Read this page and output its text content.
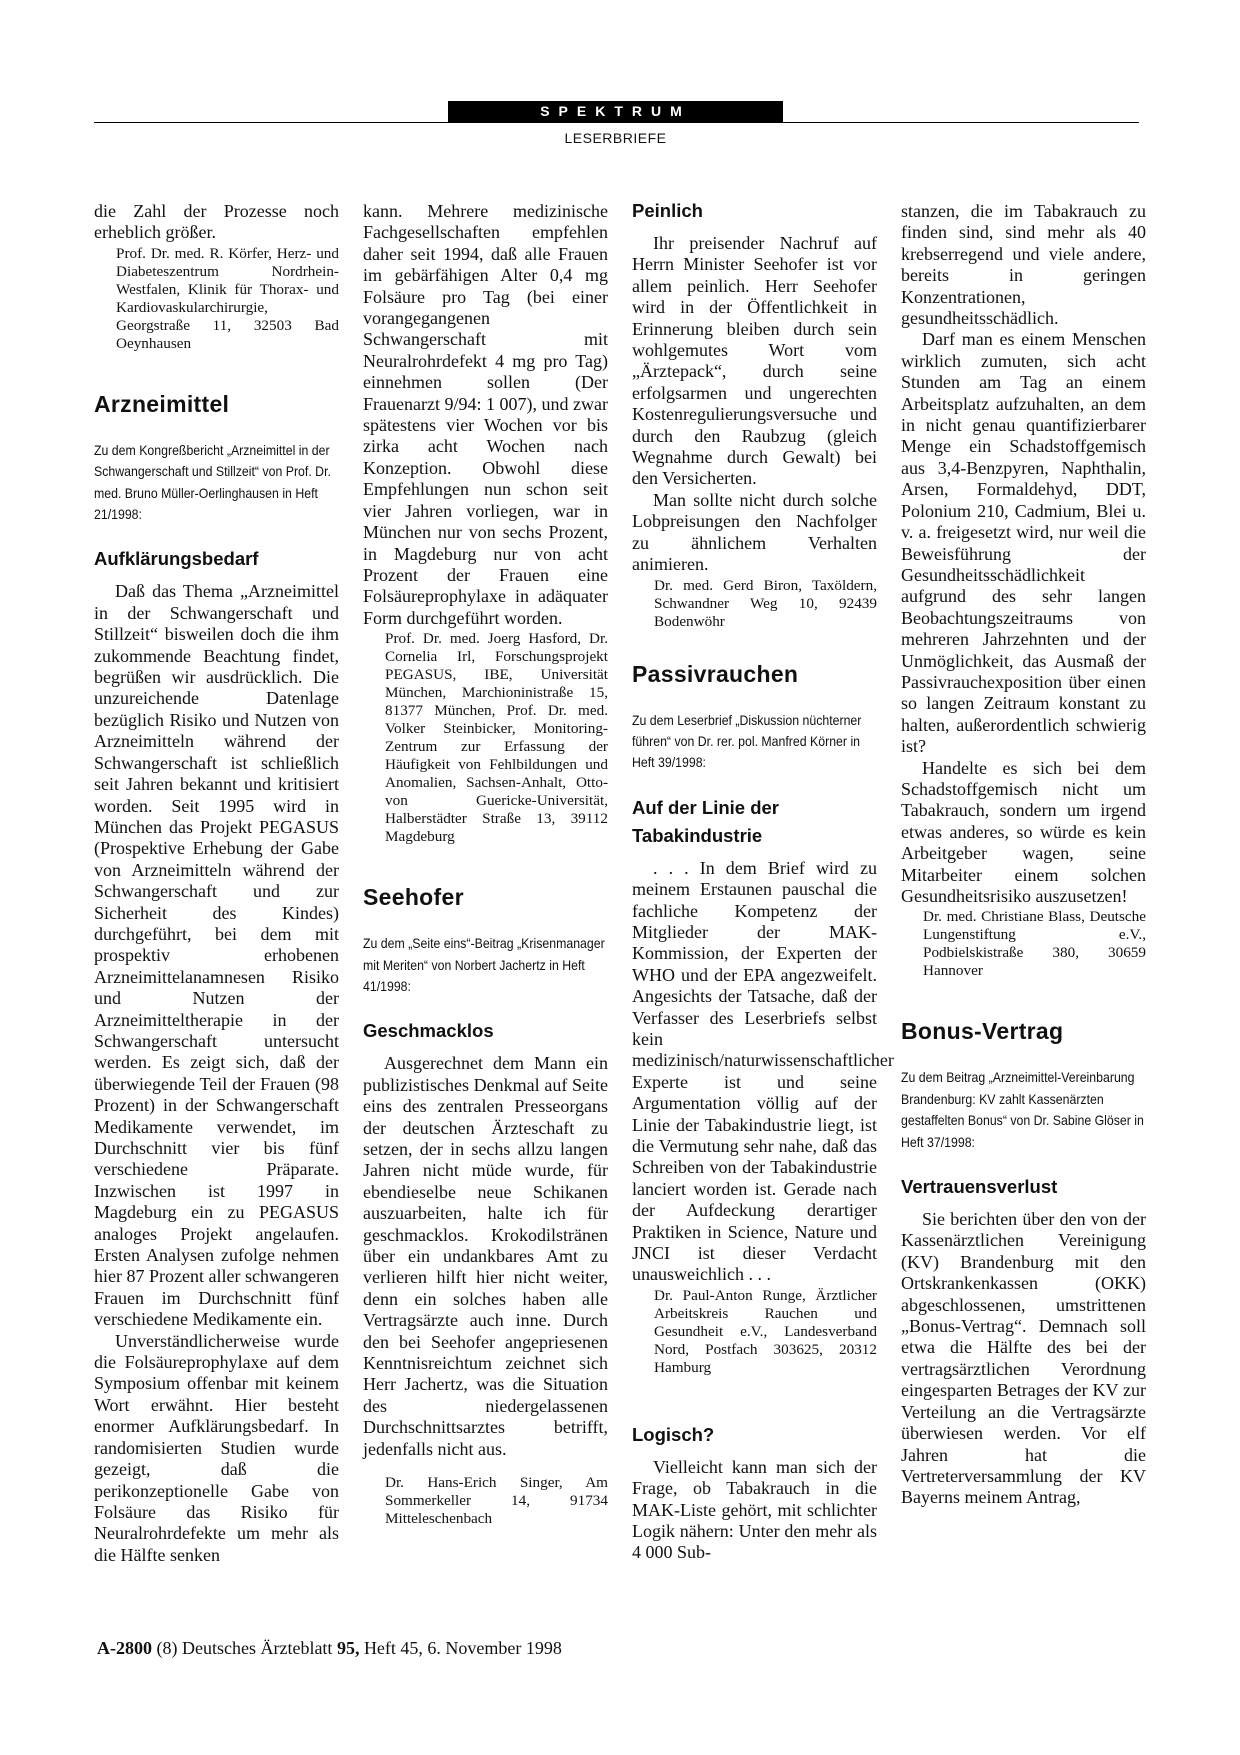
SPEKTRUM
LESERBRIEFE

die Zahl der Prozesse noch erheblich größer.

Prof. Dr. med. R. Körfer, Herz- und Diabeteszentrum Nordrhein-Westfalen, Klinik für Thorax- und Kardiovaskularchirurgie, Georgstraße 11, 32503 Bad Oeynhausen

Arzneimittel
Zu dem Kongreßbericht „Arzneimittel in der Schwangerschaft und Stillzeit“ von Prof. Dr. med. Bruno Müller-Oerlinghausen in Heft 21/1998:
Aufklärungsbedarf

Daß das Thema „Arzneimittel in der Schwangerschaft und Stillzeit“ bisweilen doch die ihm zukommende Beachtung findet, begrüßen wir ausdrücklich. Die unzureichende Datenlage bezüglich Risiko und Nutzen von Arzneimitteln während der Schwangerschaft ist schließlich seit Jahren bekannt und kritisiert worden. Seit 1995 wird in München das Projekt PEGASUS (Prospektive Erhebung der Gabe von Arzneimitteln während der Schwangerschaft und zur Sicherheit des Kindes) durchgeführt, bei dem mit prospektiv erhobenen Arzneimittelanamnesen Risiko und Nutzen der Arzneimitteltherapie in der Schwangerschaft untersucht werden. Es zeigt sich, daß der überwiegende Teil der Frauen (98 Prozent) in der Schwangerschaft Medikamente verwendet, im Durchschnitt vier bis fünf verschiedene Präparate. Inzwischen ist 1997 in Magdeburg ein zu PEGASUS analoges Projekt angelaufen. Ersten Analysen zufolge nehmen hier 87 Prozent aller schwangeren Frauen im Durchschnitt fünf verschiedene Medikamente ein.

Unverständlicherweise wurde die Folsäureprophylaxe auf dem Symposium offenbar mit keinem Wort erwähnt. Hier besteht enormer Aufklärungsbedarf. In randomisierten Studien wurde gezeigt, daß die perikonzeptionelle Gabe von Folsäure das Risiko für Neuralrohrdefekte um mehr als die Hälfte senken

kann. Mehrere medizinische Fachgesellschaften empfehlen daher seit 1994, daß alle Frauen im gebärfähigen Alter 0,4 mg Folsäure pro Tag (bei einer vorangegangenen Schwangerschaft mit Neuralrohrdefekt 4 mg pro Tag) einnehmen sollen (Der Frauenarzt 9/94: 1 007), und zwar spätestens vier Wochen vor bis zirka acht Wochen nach Konzeption. Obwohl diese Empfehlungen nun schon seit vier Jahren vorliegen, war in München nur von sechs Prozent, in Magdeburg nur von acht Prozent der Frauen eine Folsäureprophylaxe in adäquater Form durchgeführt worden.

Prof. Dr. med. Joerg Hasford, Dr. Cornelia Irl, Forschungsprojekt PEGASUS, IBE, Universität München, Marchioninistraße 15, 81377 München, Prof. Dr. med. Volker Steinbicker, Monitoring-Zentrum zur Erfassung der Häufigkeit von Fehlbildungen und Anomalien, Sachsen-Anhalt, Otto-von Guericke-Universität, Halberstädter Straße 13, 39112 Magdeburg

Seehofer
Zu dem „Seite eins“-Beitrag „Krisenmanager mit Meriten“ von Norbert Jachertz in Heft 41/1998:
Geschmacklos

Ausgerechnet dem Mann ein publizistisches Denkmal auf Seite eins des zentralen Presseorgans der deutschen Ärzteschaft zu setzen, der in sechs allzu langen Jahren nicht müde wurde, für ebendieselbe neue Schikanen auszuarbeiten, halte ich für geschmacklos. Krokodilstränen über ein undankbares Amt zu verlieren hilft hier nicht weiter, denn ein solches haben alle Vertragsärzte auch inne. Durch den bei Seehofer angepriesenen Kenntnisreichtum zeichnet sich Herr Jachertz, was die Situation des niedergelassenen Durchschnittsarztes betrifft, jedenfalls nicht aus.

Dr. Hans-Erich Singer, Am Sommerkeller 14, 91734 Mitteleschenbach

Peinlich

Ihr preisender Nachruf auf Herrn Minister Seehofer ist vor allem peinlich. Herr Seehofer wird in der Öffentlichkeit in Erinnerung bleiben durch sein wohlgemutes Wort vom „Ärztepack“, durch seine erfolgsarmen und ungerechten Kostenregulierungsversuche und durch den Raubzug (gleich Wegnahme durch Gewalt) bei den Versicherten.

Man sollte nicht durch solche Lobpreisungen den Nachfolger zu ähnlichem Verhalten animieren.

Dr. med. Gerd Biron, Taxöldern, Schwandner Weg 10, 92439 Bodenwöhr

Passivrauchen
Zu dem Leserbrief „Diskussion nüchterner führen“ von Dr. rer. pol. Manfred Körner in Heft 39/1998:
Auf der Linie der Tabakindustrie

. . . In dem Brief wird zu meinem Erstaunen pauschal die fachliche Kompetenz der Mitglieder der MAK-Kommission, der Experten der WHO und der EPA angezweifelt. Angesichts der Tatsache, daß der Verfasser des Leserbriefs selbst kein medizinisch/naturwissenschaftlicher Experte ist und seine Argumentation völlig auf der Linie der Tabakindustrie liegt, ist die Vermutung sehr nahe, daß das Schreiben von der Tabakindustrie lanciert worden ist. Gerade nach der Aufdeckung derartiger Praktiken in Science, Nature und JNCI ist dieser Verdacht unausweichlich . . .

Dr. Paul-Anton Runge, Ärztlicher Arbeitskreis Rauchen und Gesundheit e.V., Landesverband Nord, Postfach 303625, 20312 Hamburg

Logisch?

Vielleicht kann man sich der Frage, ob Tabakrauch in die MAK-Liste gehört, mit schlichter Logik nähern: Unter den mehr als 4 000 Sub-

stanzen, die im Tabakrauch zu finden sind, sind mehr als 40 krebserregend und viele andere, bereits in geringen Konzentrationen, gesundheitsschädlich.

Darf man es einem Menschen wirklich zumuten, sich acht Stunden am Tag an einem Arbeitsplatz aufzuhalten, an dem in nicht genau quantifizierbarer Menge ein Schadstoffgemisch aus 3,4-Benzpyren, Naphthalin, Arsen, Formaldehyd, DDT, Polonium 210, Cadmium, Blei u. v. a. freigesetzt wird, nur weil die Beweisführung der Gesundheitsschädlichkeit aufgrund des sehr langen Beobachtungszeitraums von mehreren Jahrzehnten und der Unmöglichkeit, das Ausmaß der Passivrauchexposition über einen so langen Zeitraum konstant zu halten, außerordentlich schwierig ist?

Handelte es sich bei dem Schadstoffgemisch nicht um Tabakrauch, sondern um irgend etwas anderes, so würde es kein Arbeitgeber wagen, seine Mitarbeiter einem solchen Gesundheitsrisiko auszusetzen!

Dr. med. Christiane Blass, Deutsche Lungenstiftung e.V., Podbielskistraße 380, 30659 Hannover

Bonus-Vertrag
Zu dem Beitrag „Arzneimittel-Vereinbarung Brandenburg: KV zahlt Kassenärzten gestaffelten Bonus“ von Dr. Sabine Glöser in Heft 37/1998:
Vertrauensverlust

Sie berichten über den von der Kassenärztlichen Vereinigung (KV) Brandenburg mit den Ortskrankenkassen (OKK) abgeschlossenen, umstrittenen „Bonus-Vertrag“. Demnach soll etwa die Hälfte des bei der vertragsärztlichen Verordnung eingesparten Betrages der KV zur Verteilung an die Vertragsärzte überwiesen werden. Vor elf Jahren hat die Vertreterversammlung der KV Bayerns meinem Antrag,

A-2800 (8) Deutsches Ärzteblatt 95, Heft 45, 6. November 1998
